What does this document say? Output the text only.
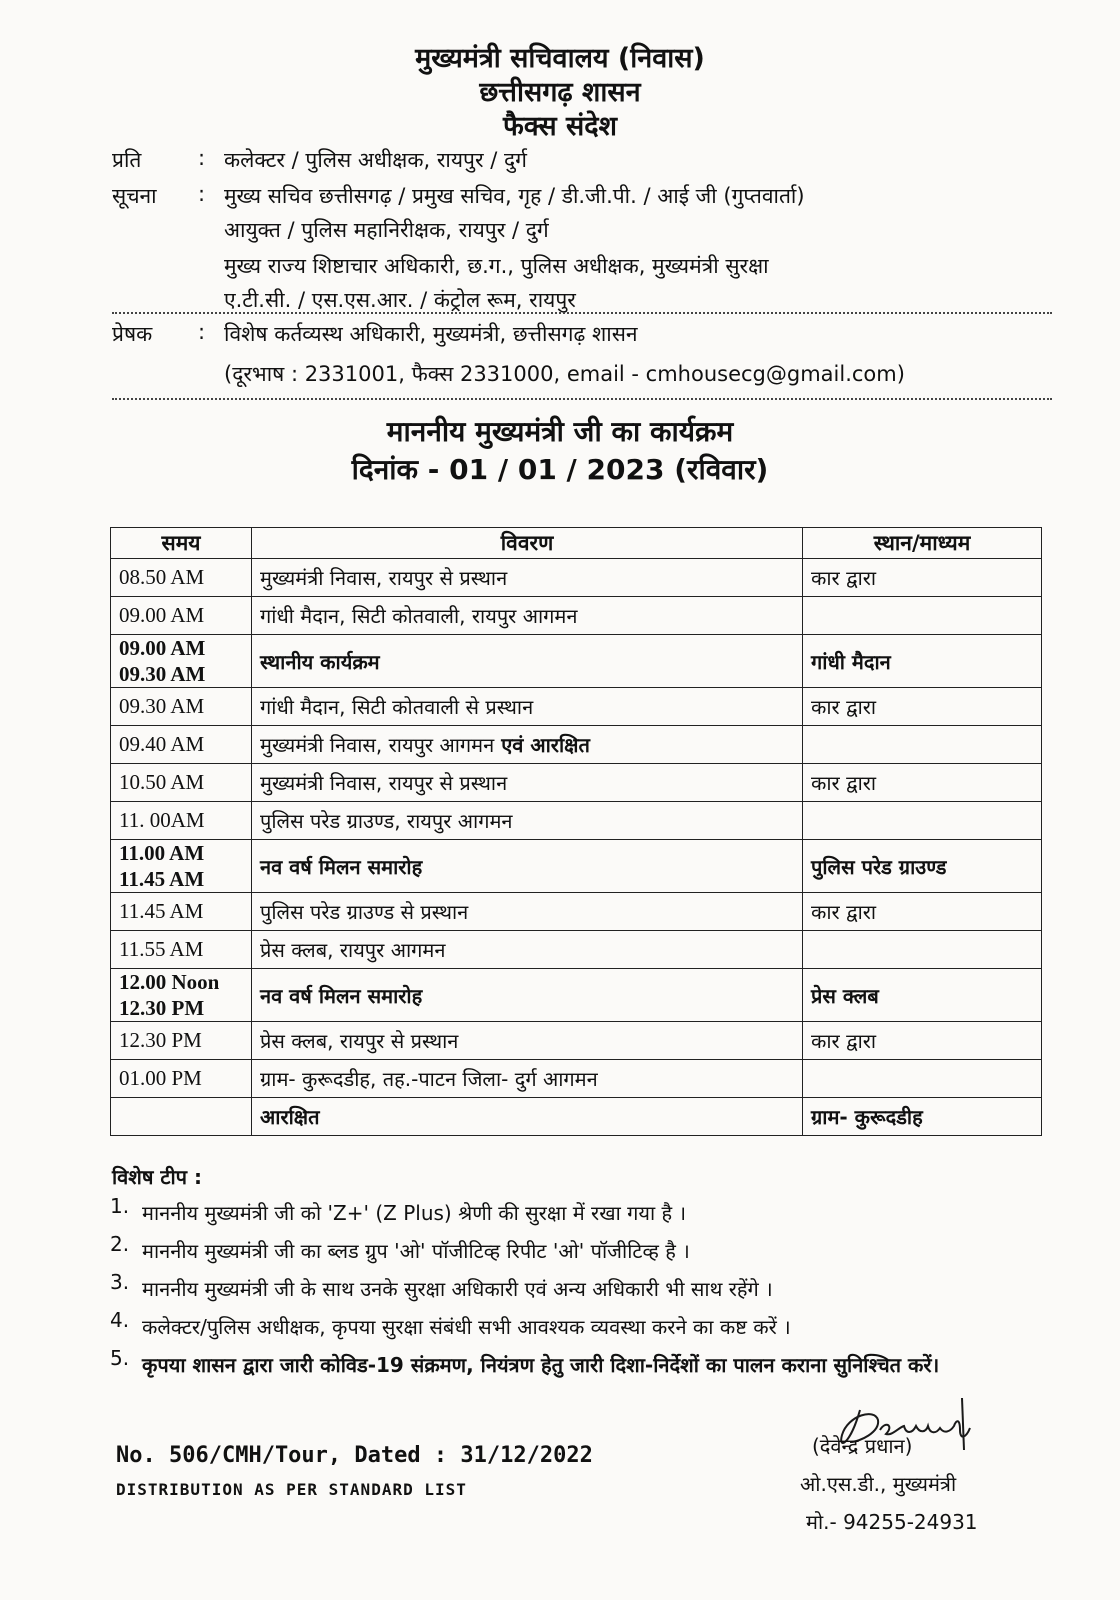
मुख्यमंत्री सचिवालय (निवास)
छत्तीसगढ़ शासन
फैक्स संदेश
प्रति	: कलेक्टर / पुलिस अधीक्षक, रायपुर / दुर्ग
सूचना : मुख्य सचिव छत्तीसगढ़ / प्रमुख सचिव, गृह / डी.जी.पी. / आई जी (गुप्तवार्ता)
आयुक्त / पुलिस महानिरीक्षक, रायपुर / दुर्ग
मुख्य राज्य शिष्टाचार अधिकारी, छ.ग., पुलिस अधीक्षक, मुख्यमंत्री सुरक्षा
ए.टी.सी. / एस.एस.आर. / कंट्रोल रूम, रायपुर
प्रेषक : विशेष कर्तव्यस्थ अधिकारी, मुख्यमंत्री, छत्तीसगढ़ शासन
(दूरभाष : 2331001, फैक्स 2331000, email - cmhousecg@gmail.com)
माननीय मुख्यमंत्री जी का कार्यक्रम
दिनांक - 01 / 01 / 2023 (रविवार)
समय	विवरण	स्थान/माध्यम
08.50 AM	मुख्यमंत्री निवास, रायपुर से प्रस्थान	कार द्वारा
09.00 AM	गांधी मैदान, सिटी कोतवाली, रायपुर आगमन	

09.00 AM
09.30 AM	स्थानीय कार्यक्रम	गांधी मैदान
09.30 AM	गांधी मैदान, सिटी कोतवाली से प्रस्थान	कार द्वारा
09.40 AM	मुख्यमंत्री निवास, रायपुर आगमन एवं आरक्षित	
10.50 AM	मुख्यमंत्री निवास, रायपुर से प्रस्थान	कार द्वारा
11. 00AM	पुलिस परेड ग्राउण्ड, रायपुर आगमन	

11.00 AM
11.45 AM	नव वर्ष मिलन समारोह	पुलिस परेड ग्राउण्ड
11.45 AM	पुलिस परेड ग्राउण्ड से प्रस्थान	कार द्वारा
11.55 AM	प्रेस क्लब, रायपुर आगमन	

12.00 Noon
12.30 PM	नव वर्ष मिलन समारोह	प्रेस क्लब
12.30 PM	प्रेस क्लब, रायपुर से प्रस्थान	कार द्वारा
01.00 PM	ग्राम- कुरूदडीह, तह.-पाटन जिला- दुर्ग आगमन	
	आरक्षित	ग्राम- कुरूदडीह
विशेष टीप :
1. माननीय मुख्यमंत्री जी को 'Z+' (Z Plus) श्रेणी की सुरक्षा में रखा गया है ।
2. माननीय मुख्यमंत्री जी का ब्लड ग्रुप 'ओ' पॉजीटिव्ह रिपीट 'ओ' पॉजीटिव्ह है ।
3. माननीय मुख्यमंत्री जी के साथ उनके सुरक्षा अधिकारी एवं अन्य अधिकारी भी साथ रहेंगे ।
4. कलेक्टर/पुलिस अधीक्षक, कृपया सुरक्षा संबंधी सभी आवश्यक व्यवस्था करने का कष्ट करें ।
5. कृपया शासन द्वारा जारी कोविड-19 संक्रमण, नियंत्रण हेतु जारी दिशा-निर्देशों का पालन कराना सुनिश्चित करें।
No. 506/CMH/Tour, Dated : 31/12/2022
DISTRIBUTION AS PER STANDARD LIST
(देवेन्द्र प्रधान)
ओ.एस.डी., मुख्यमंत्री
मो.- 94255-24931
